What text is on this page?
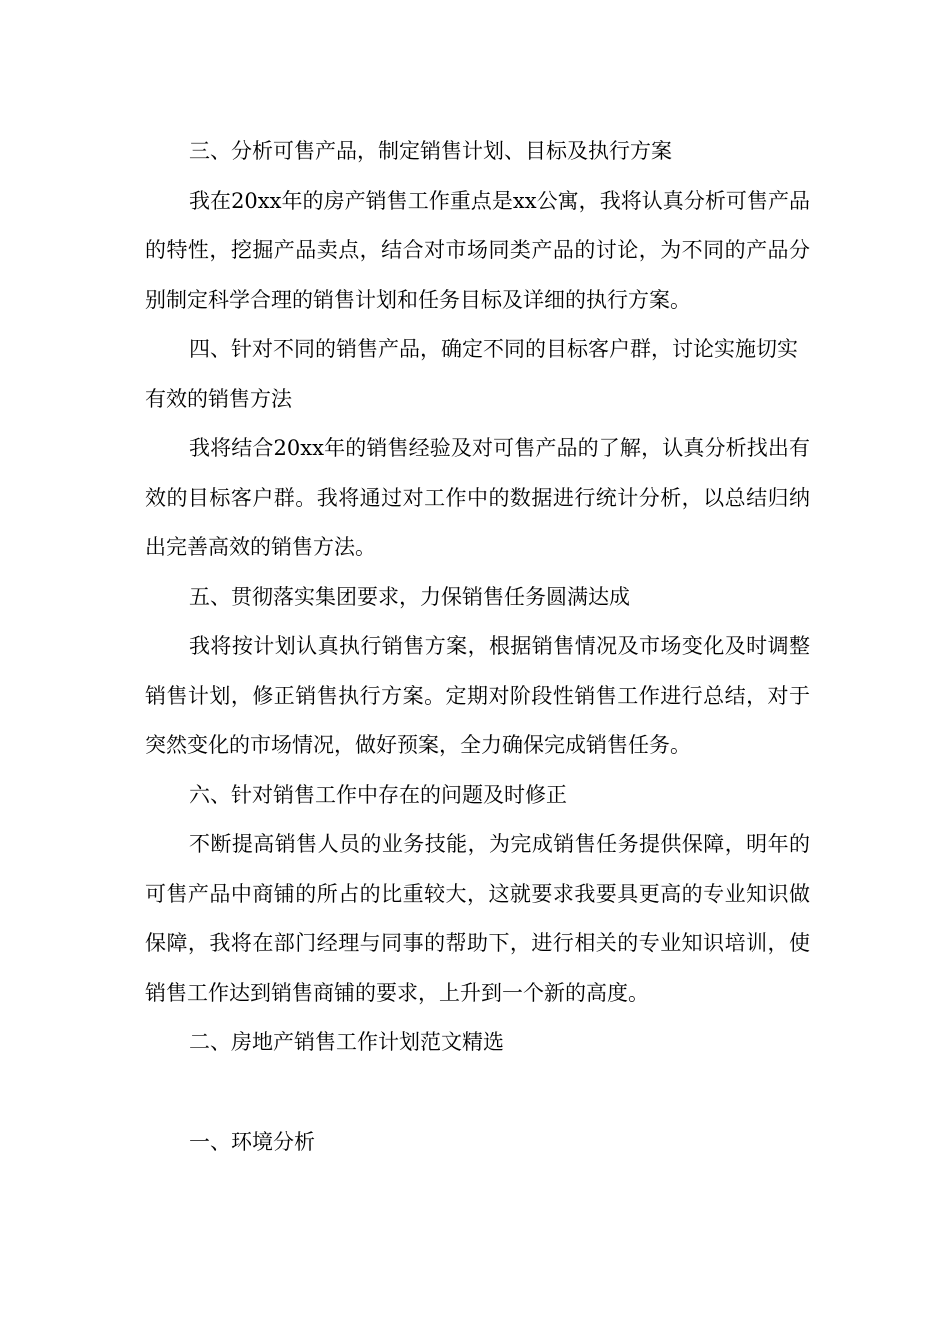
三、分析可售产品，制定销售计划、目标及执行方案

我在20xx年的房产销售工作重点是xx公寓，我将认真分析可售产品的特性，挖掘产品卖点，结合对市场同类产品的讨论，为不同的产品分别制定科学合理的销售计划和任务目标及详细的执行方案。

四、针对不同的销售产品，确定不同的目标客户群，讨论实施切实有效的销售方法

我将结合20xx年的销售经验及对可售产品的了解，认真分析找出有效的目标客户群。我将通过对工作中的数据进行统计分析，以总结归纳出完善高效的销售方法。

五、贯彻落实集团要求，力保销售任务圆满达成

我将按计划认真执行销售方案，根据销售情况及市场变化及时调整销售计划，修正销售执行方案。定期对阶段性销售工作进行总结，对于突然变化的市场情况，做好预案，全力确保完成销售任务。

六、针对销售工作中存在的问题及时修正

不断提高销售人员的业务技能，为完成销售任务提供保障，明年的可售产品中商铺的所占的比重较大，这就要求我要具更高的专业知识做保障，我将在部门经理与同事的帮助下，进行相关的专业知识培训，使销售工作达到销售商铺的要求，上升到一个新的高度。

二、房地产销售工作计划范文精选

一、环境分析
